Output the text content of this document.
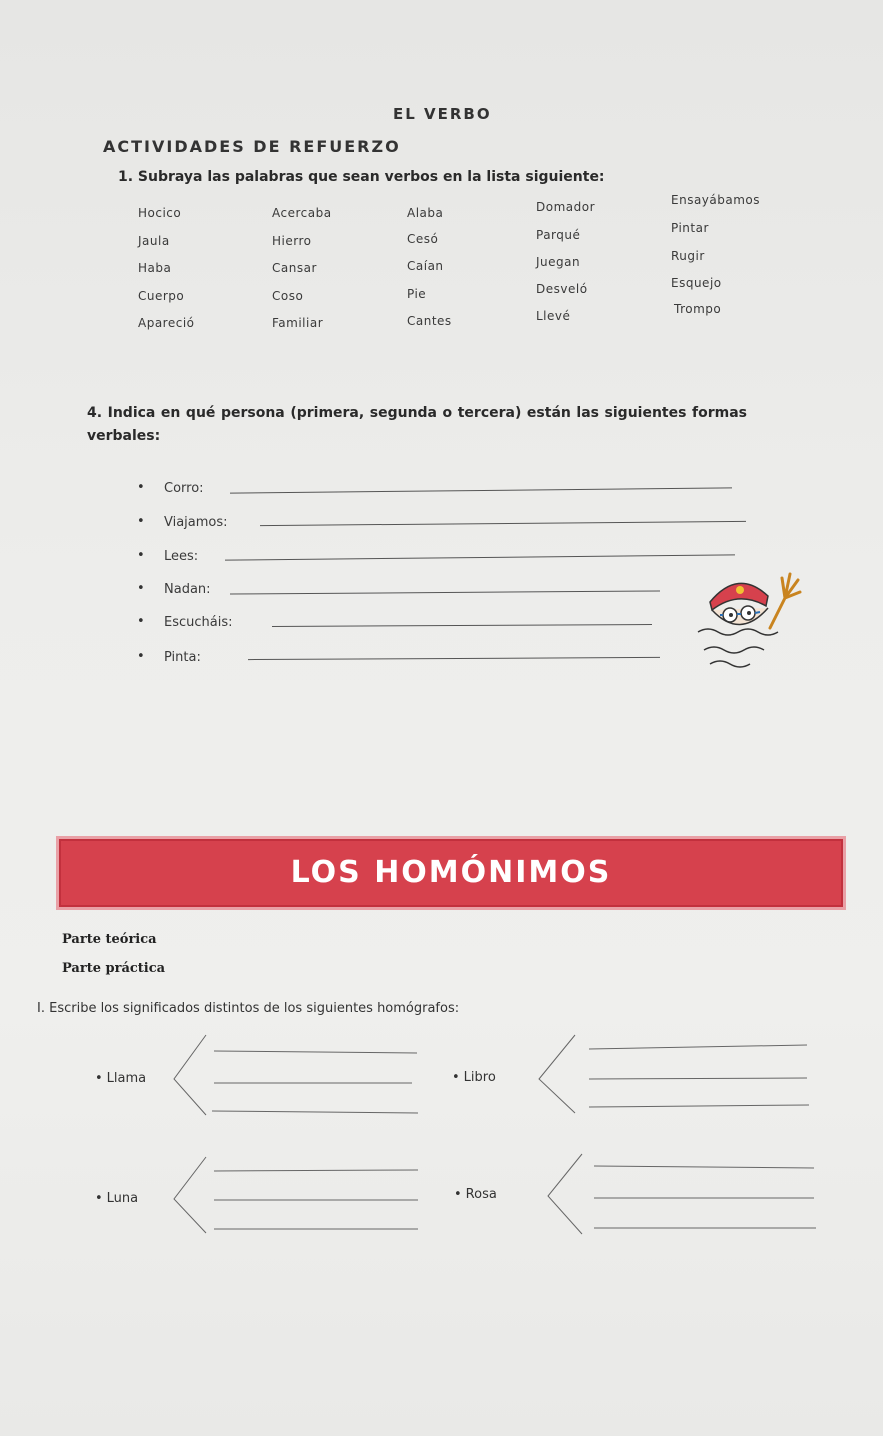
EL VERBO
ACTIVIDADES DE REFUERZO
1. Subraya las palabras que sean verbos en la lista siguiente:
Hocico	Acercaba	Alaba	Domador	Ensayábamos
Jaula	Hierro	Cesó	Parqué	Pintar
Haba	Cansar	Caían	Juegan	Rugir
Cuerpo	Coso	Pie	Desveló	Esquejo
Apareció	Familiar	Cantes	Llevé	Trompo
4. Indica en qué persona (primera, segunda o tercera) están las siguientes formas verbales:
• Corro:
• Viajamos:
• Lees:
• Nadan:
• Escucháis:
• Pinta:
LOS HOMÓNIMOS
Parte teórica
Parte práctica
I. Escribe los significados distintos de los siguientes homógrafos:
• Llama	• Libro
• Luna	• Rosa
